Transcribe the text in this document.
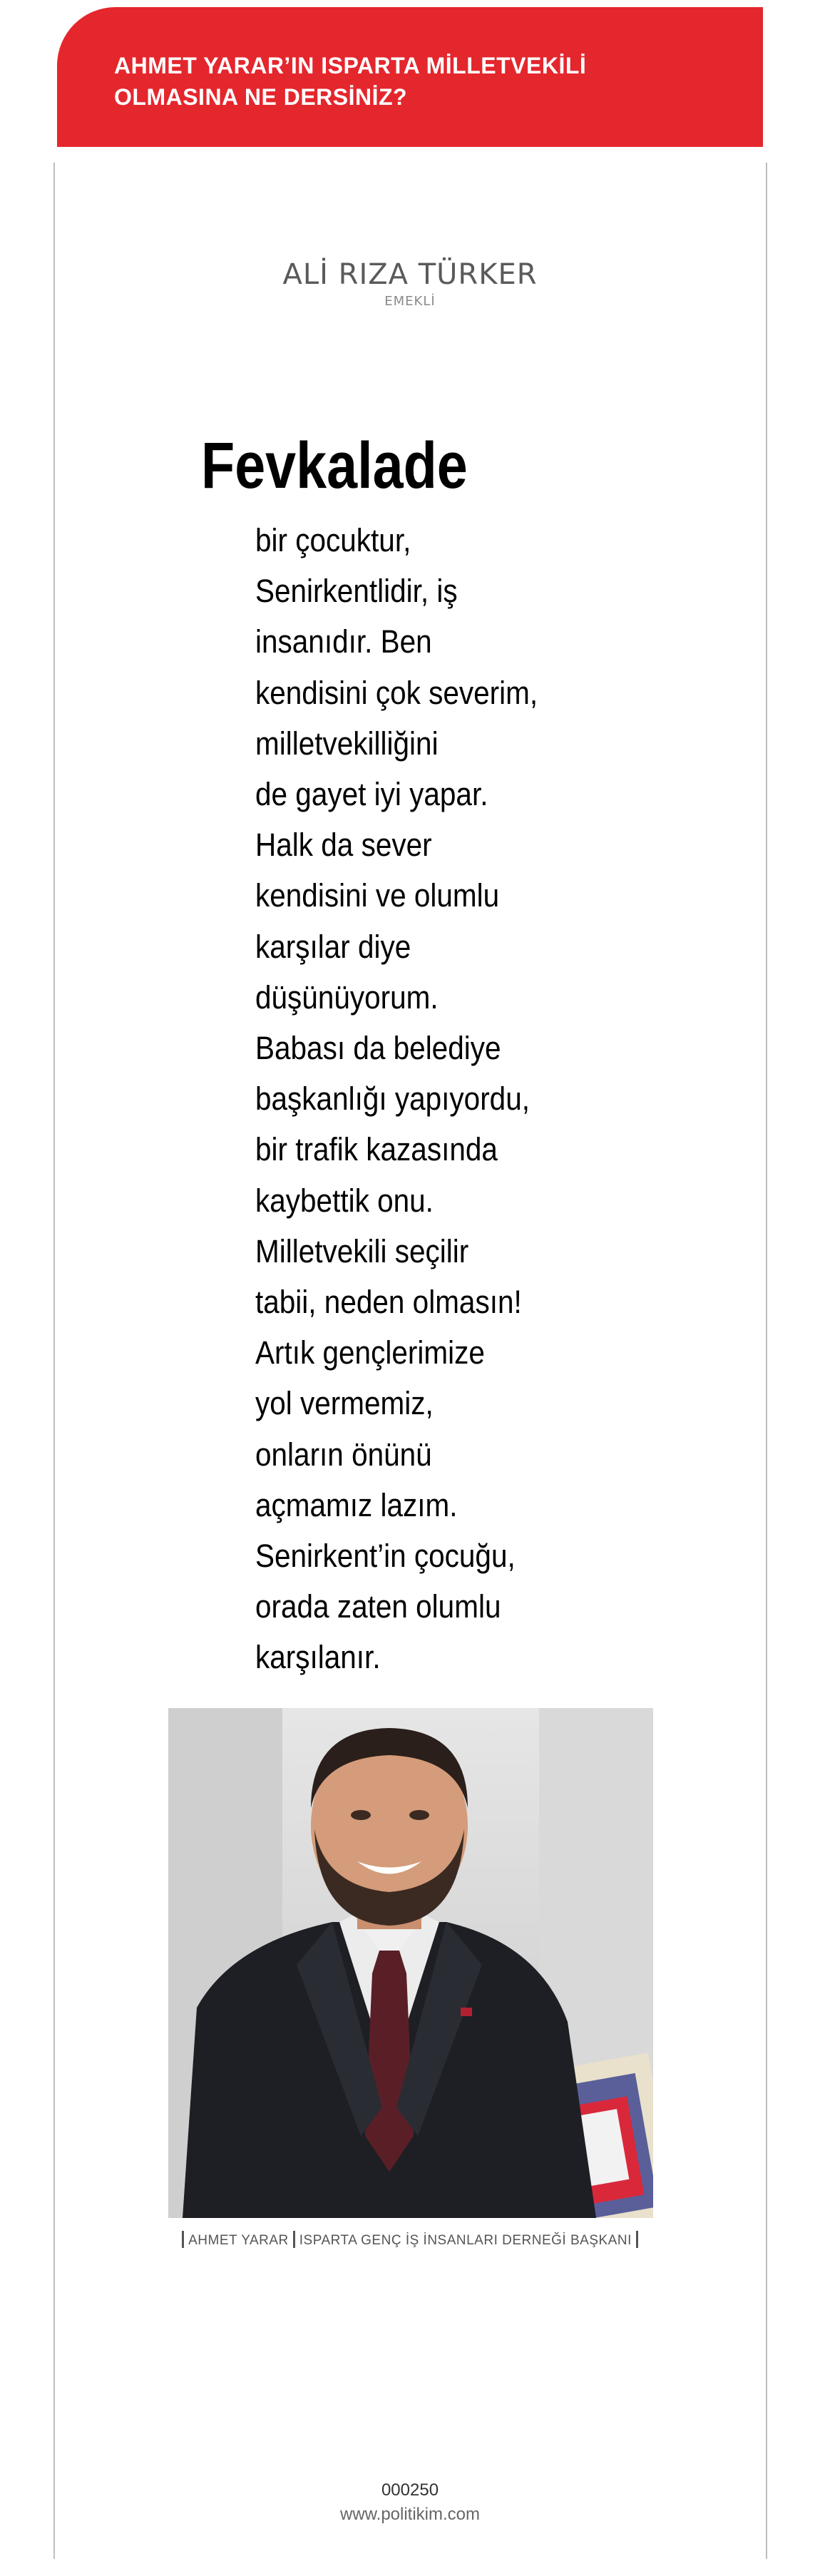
AHMET YARAR’IN ISPARTA MİLLETVEKİLİ
OLMASINA NE DERSİNİZ?
ALİ RIZA TÜRKER
EMEKLİ
Fevkalade
bir çocuktur,
Senirkentlidir, iş
insanıdır. Ben
kendisini çok severim,
milletvekilliğini
de gayet iyi yapar.
Halk da sever
kendisini ve olumlu
karşılar diye
düşünüyorum.
Babası da belediye
başkanlığı yapıyordu,
bir trafik kazasında
kaybettik onu.
Milletvekili seçilir
tabii, neden olmasın!
Artık gençlerimize
yol vermemiz,
onların önünü
açmamız lazım.
Senirkent’in çocuğu,
orada zaten olumlu
karşılanır.
AHMET YARAR ISPARTA GENÇ İŞ İNSANLARI DERNEĞİ BAŞKANI
000250
www.politikim.com
